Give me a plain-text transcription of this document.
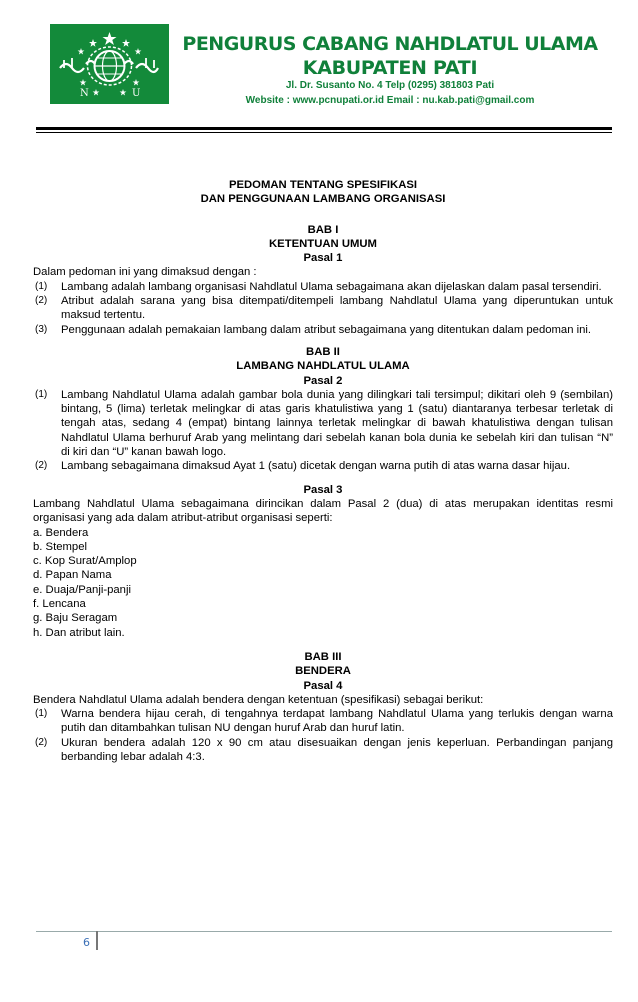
N	U
PENGURUS CABANG NAHDLATUL ULAMA
KABUPATEN PATI
Jl. Dr. Susanto No. 4 Telp (0295) 381803 Pati
Website : www.pcnupati.or.id Email : nu.kab.pati@gmail.com
PEDOMAN TENTANG SPESIFIKASI
DAN PENGGUNAAN LAMBANG ORGANISASI
BAB I
KETENTUAN UMUM
Pasal 1
Dalam pedoman ini yang dimaksud dengan :
(1)	Lambang adalah lambang organisasi Nahdlatul Ulama sebagaimana akan dijelaskan dalam pasal tersendiri.
(2)	Atribut adalah sarana yang bisa ditempati/ditempeli lambang Nahdlatul Ulama yang diperuntukan untuk maksud tertentu.
(3)	Penggunaan adalah pemakaian lambang dalam atribut sebagaimana yang ditentukan dalam pedoman ini.
BAB II
LAMBANG NAHDLATUL ULAMA
Pasal 2
(1)	Lambang Nahdlatul Ulama adalah gambar bola dunia yang dilingkari tali tersimpul; dikitari oleh 9 (sembilan) bintang, 5 (lima) terletak melingkar di atas garis khatulistiwa yang 1 (satu) diantaranya terbesar terletak di tengah atas, sedang 4 (empat) bintang lainnya terletak melingkar di bawah khatulistiwa dengan tulisan Nahdlatul Ulama berhuruf Arab yang melintang dari sebelah kanan bola dunia ke sebelah kiri dan tulisan “N” di kiri dan “U” kanan bawah logo.
(2)	Lambang sebagaimana dimaksud Ayat 1 (satu) dicetak dengan warna putih di atas warna dasar hijau.
Pasal 3
Lambang Nahdlatul Ulama sebagaimana dirincikan dalam Pasal 2 (dua) di atas merupakan identitas resmi organisasi yang ada dalam atribut-atribut organisasi seperti:
a. Bendera
b. Stempel
c. Kop Surat/Amplop
d. Papan Nama
e. Duaja/Panji-panji
f. Lencana
g. Baju Seragam
h. Dan atribut lain.
BAB III
BENDERA
Pasal 4
Bendera Nahdlatul Ulama adalah bendera dengan ketentuan (spesifikasi) sebagai berikut:
(1)	Warna bendera hijau cerah, di tengahnya terdapat lambang Nahdlatul Ulama yang terlukis dengan warna putih dan ditambahkan tulisan NU dengan huruf Arab dan huruf latin.
(2)	Ukuran bendera adalah 120 x 90 cm atau disesuaikan dengan jenis keperluan. Perbandingan panjang berbanding lebar adalah 4:3.
6
